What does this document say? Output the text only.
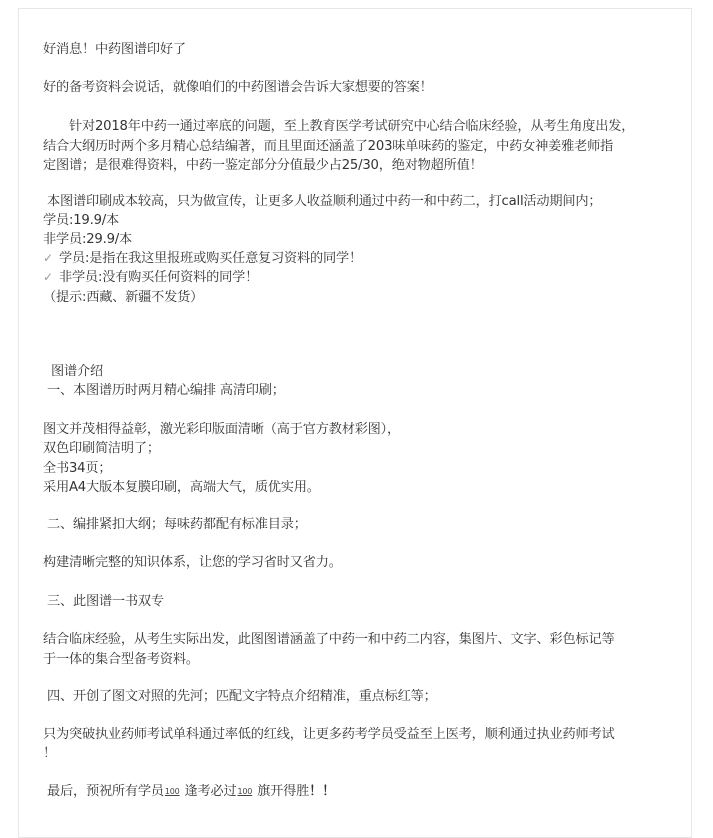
好消息！中药图谱印好了
好的备考资料会说话，就像咱们的中药图谱会告诉大家想要的答案！
针对2018年中药一通过率底的问题，至上教育医学考试研究中心结合临床经验，从考生角度出发，
结合大纲历时两个多月精心总结编著，而且里面还涵盖了203味单味药的鉴定，中药女神姜雅老师指
定图谱；是很难得资料，中药一鉴定部分分值最少占25/30，绝对物超所值！
本图谱印刷成本较高，只为做宣传，让更多人收益顺利通过中药一和中药二，打call活动期间内；
学员:19.9/本
非学员:29.9/本
✓ 学员:是指在我这里报班或购买任意复习资料的同学！
✓ 非学员:没有购买任何资料的同学！
（提示:西藏、新疆不发货）
图谱介绍
一、本图谱历时两月精心编排 高清印刷；
图文并茂相得益彰，激光彩印版面清晰（高于官方教材彩图），
双色印刷简洁明了；
全书34页；
采用A4大版本复膜印刷，高端大气，质优实用。
二、编排紧扣大纲；每味药都配有标准目录；
构建清晰完整的知识体系，让您的学习省时又省力。
三、此图谱一书双专
结合临床经验，从考生实际出发，此图图谱涵盖了中药一和中药二内容，集图片、文字、彩色标记等
于一体的集合型备考资料。
四、开创了图文对照的先河；匹配文字特点介绍精准，重点标红等；
只为突破执业药师考试单科通过率低的红线，让更多药考学员受益至上医考，顺利通过执业药师考试
！
最后，预祝所有学员100 逢考必过100 旗开得胜！！
